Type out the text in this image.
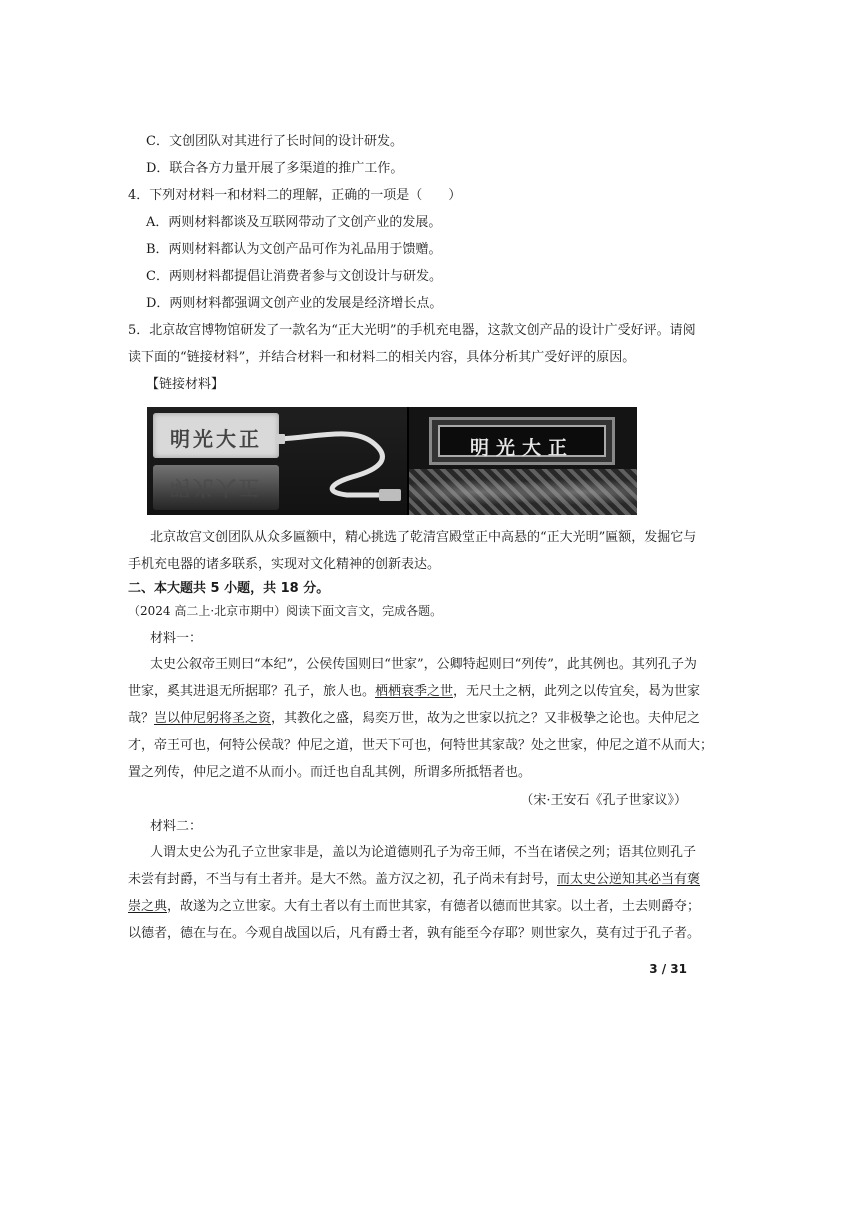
C．文创团队对其进行了长时间的设计研发。
D．联合各方力量开展了多渠道的推广工作。
4．下列对材料一和材料二的理解，正确的一项是（　　）
A．两则材料都谈及互联网带动了文创产业的发展。
B．两则材料都认为文创产品可作为礼品用于馈赠。
C．两则材料都提倡让消费者参与文创设计与研发。
D．两则材料都强调文创产业的发展是经济增长点。
5．北京故宫博物馆研发了一款名为“正大光明”的手机充电器，这款文创产品的设计广受好评。请阅
读下面的“链接材料”，并结合材料一和材料二的相关内容，具体分析其广受好评的原因。
【链接材料】
明光大正
明光大正
明光大正
北京故宫文创团队从众多匾额中，精心挑选了乾清宫殿堂正中高悬的“正大光明”匾额，发掘它与
手机充电器的诸多联系，实现对文化精神的创新表达。
二、本大题共 5 小题，共 18 分。
（2024 高二上·北京市期中）阅读下面文言文，完成各题。
材料一：
太史公叙帝王则曰“本纪”，公侯传国则曰“世家”，公卿特起则曰“列传”，此其例也。其列孔子为
世家，奚其进退无所据耶？孔子，旅人也。栖栖衰季之世，无尺土之柄，此列之以传宜矣，曷为世家
哉？岂以仲尼躬将圣之资，其教化之盛，舄奕万世，故为之世家以抗之？又非极挚之论也。夫仲尼之
才，帝王可也，何特公侯哉？仲尼之道，世天下可也，何特世其家哉？处之世家，仲尼之道不从而大；
置之列传，仲尼之道不从而小。而迁也自乱其例，所谓多所抵牾者也。
（宋·王安石《孔子世家议》）
材料二：
人谓太史公为孔子立世家非是，盖以为论道德则孔子为帝王师，不当在诸侯之列；语其位则孔子
未尝有封爵，不当与有土者并。是大不然。盖方汉之初，孔子尚未有封号，而太史公逆知其必当有褒
崇之典，故遂为之立世家。大有土者以有土而世其家，有德者以德而世其家。以土者，土去则爵夺；
以德者，德在与在。今观自战国以后，凡有爵士者，孰有能至今存耶？则世家久，莫有过于孔子者。
3 / 31
